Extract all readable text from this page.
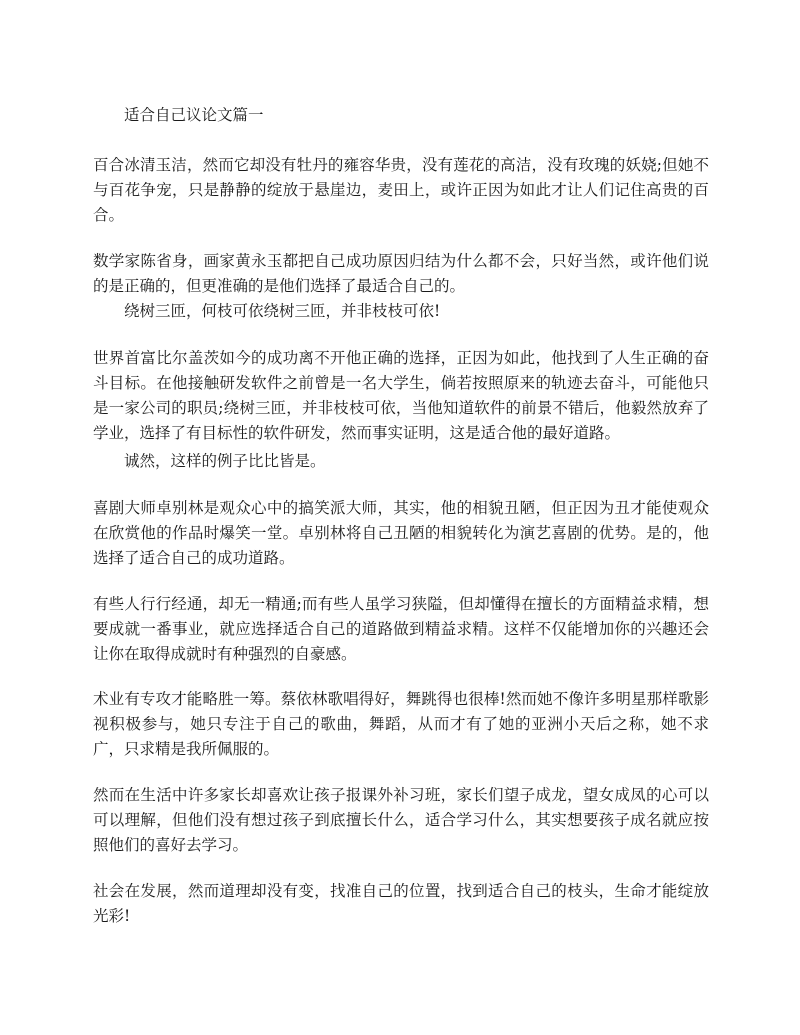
适合自己议论文篇一

百合冰清玉洁，然而它却没有牡丹的雍容华贵，没有莲花的高洁，没有玫瑰的妖娆;但她不与百花争宠，只是静静的绽放于悬崖边，麦田上，或许正因为如此才让人们记住高贵的百合。

数学家陈省身，画家黄永玉都把自己成功原因归结为什么都不会，只好当然，或许他们说的是正确的，但更准确的是他们选择了最适合自己的。

绕树三匝，何枝可依绕树三匝，并非枝枝可依!

世界首富比尔盖茨如今的成功离不开他正确的选择，正因为如此，他找到了人生正确的奋斗目标。在他接触研发软件之前曾是一名大学生，倘若按照原来的轨迹去奋斗，可能他只是一家公司的职员;绕树三匝，并非枝枝可依，当他知道软件的前景不错后，他毅然放弃了学业，选择了有目标性的软件研发，然而事实证明，这是适合他的最好道路。

诚然，这样的例子比比皆是。

喜剧大师卓别林是观众心中的搞笑派大师，其实，他的相貌丑陋，但正因为丑才能使观众在欣赏他的作品时爆笑一堂。卓别林将自己丑陋的相貌转化为演艺喜剧的优势。是的，他选择了适合自己的成功道路。

有些人行行经通，却无一精通;而有些人虽学习狭隘，但却懂得在擅长的方面精益求精，想要成就一番事业，就应选择适合自己的道路做到精益求精。这样不仅能增加你的兴趣还会让你在取得成就时有种强烈的自豪感。

术业有专攻才能略胜一筹。蔡依林歌唱得好，舞跳得也很棒!然而她不像许多明星那样歌影视积极参与，她只专注于自己的歌曲，舞蹈，从而才有了她的亚洲小天后之称，她不求广，只求精是我所佩服的。

然而在生活中许多家长却喜欢让孩子报课外补习班，家长们望子成龙，望女成凤的心可以可以理解，但他们没有想过孩子到底擅长什么，适合学习什么，其实想要孩子成名就应按照他们的喜好去学习。

社会在发展，然而道理却没有变，找准自己的位置，找到适合自己的枝头，生命才能绽放光彩!
